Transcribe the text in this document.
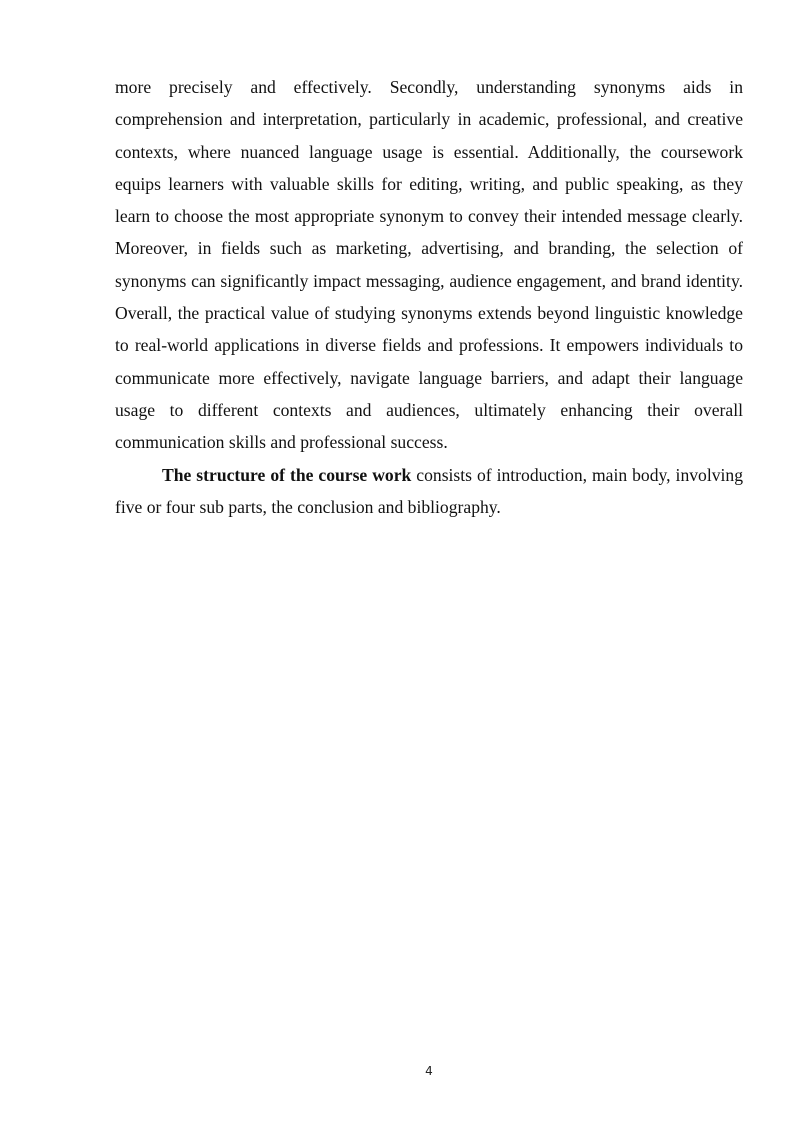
more precisely and effectively. Secondly, understanding synonyms aids in comprehension and interpretation, particularly in academic, professional, and creative contexts, where nuanced language usage is essential. Additionally, the coursework equips learners with valuable skills for editing, writing, and public speaking, as they learn to choose the most appropriate synonym to convey their intended message clearly. Moreover, in fields such as marketing, advertising, and branding, the selection of synonyms can significantly impact messaging, audience engagement, and brand identity. Overall, the practical value of studying synonyms extends beyond linguistic knowledge to real-world applications in diverse fields and professions. It empowers individuals to communicate more effectively, navigate language barriers, and adapt their language usage to different contexts and audiences, ultimately enhancing their overall communication skills and professional success.

The structure of the course work consists of introduction, main body, involving five or four sub parts, the conclusion and bibliography.

4
